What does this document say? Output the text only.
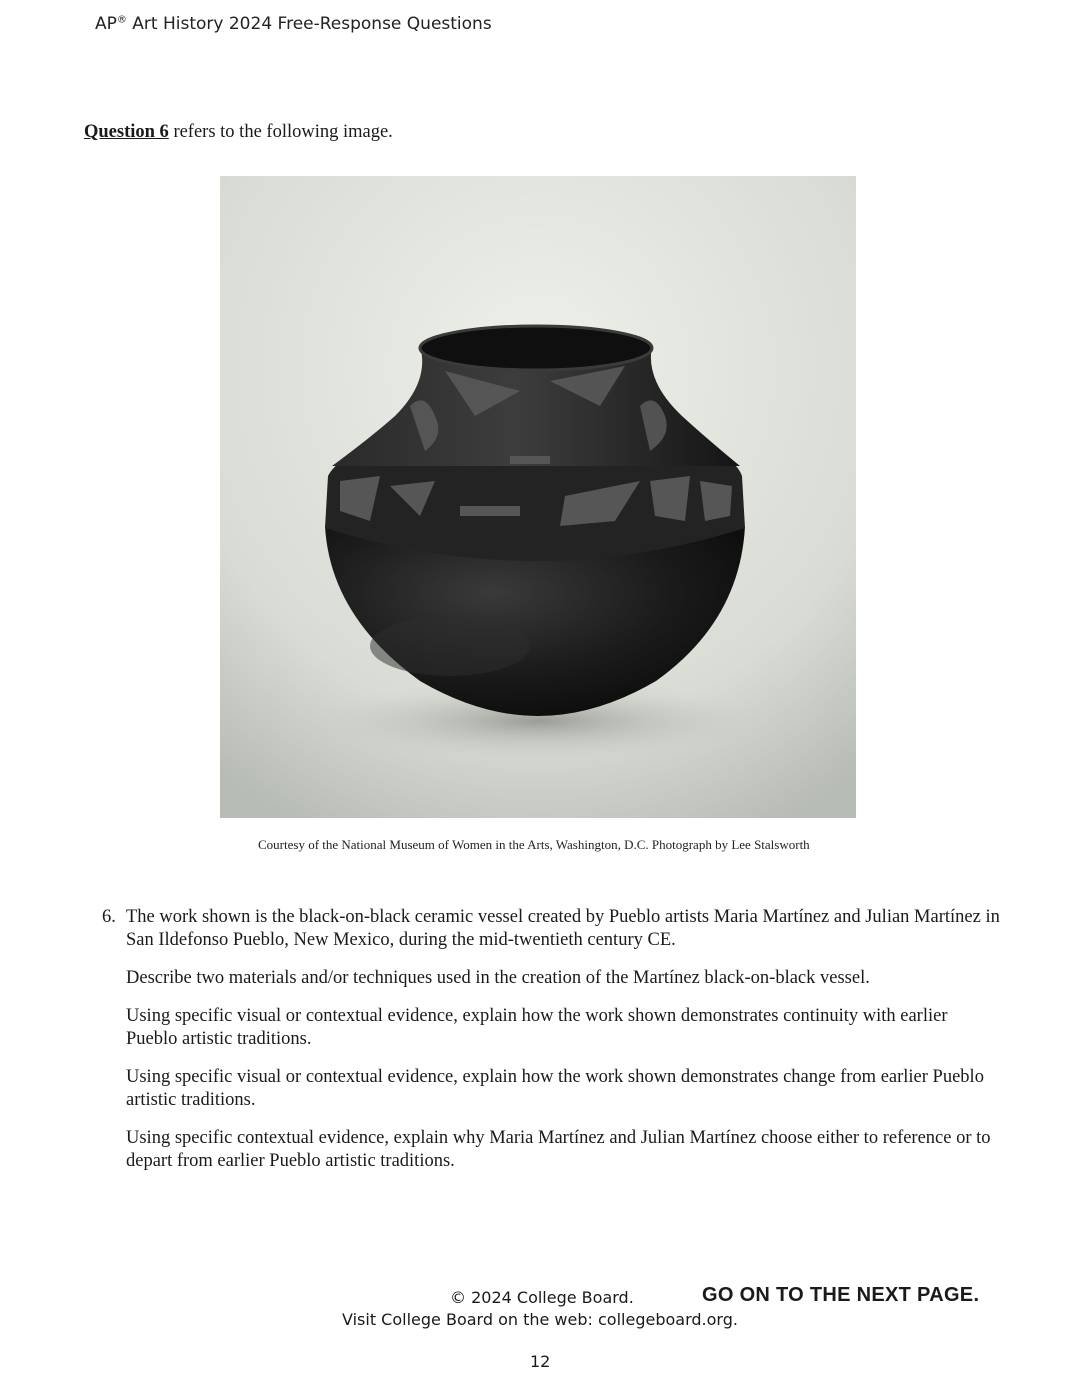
AP® Art History 2024 Free-Response Questions
Question 6 refers to the following image.
Courtesy of the National Museum of Women in the Arts, Washington, D.C. Photograph by Lee Stalsworth
6. The work shown is the black-on-black ceramic vessel created by Pueblo artists Maria Martínez and Julian Martínez in San Ildefonso Pueblo, New Mexico, during the mid-twentieth century CE.
Describe two materials and/or techniques used in the creation of the Martínez black-on-black vessel.
Using specific visual or contextual evidence, explain how the work shown demonstrates continuity with earlier Pueblo artistic traditions.
Using specific visual or contextual evidence, explain how the work shown demonstrates change from earlier Pueblo artistic traditions.
Using specific contextual evidence, explain why Maria Martínez and Julian Martínez choose either to reference or to depart from earlier Pueblo artistic traditions.
© 2024 College Board.	GO ON TO THE NEXT PAGE.
Visit College Board on the web: collegeboard.org.
12
